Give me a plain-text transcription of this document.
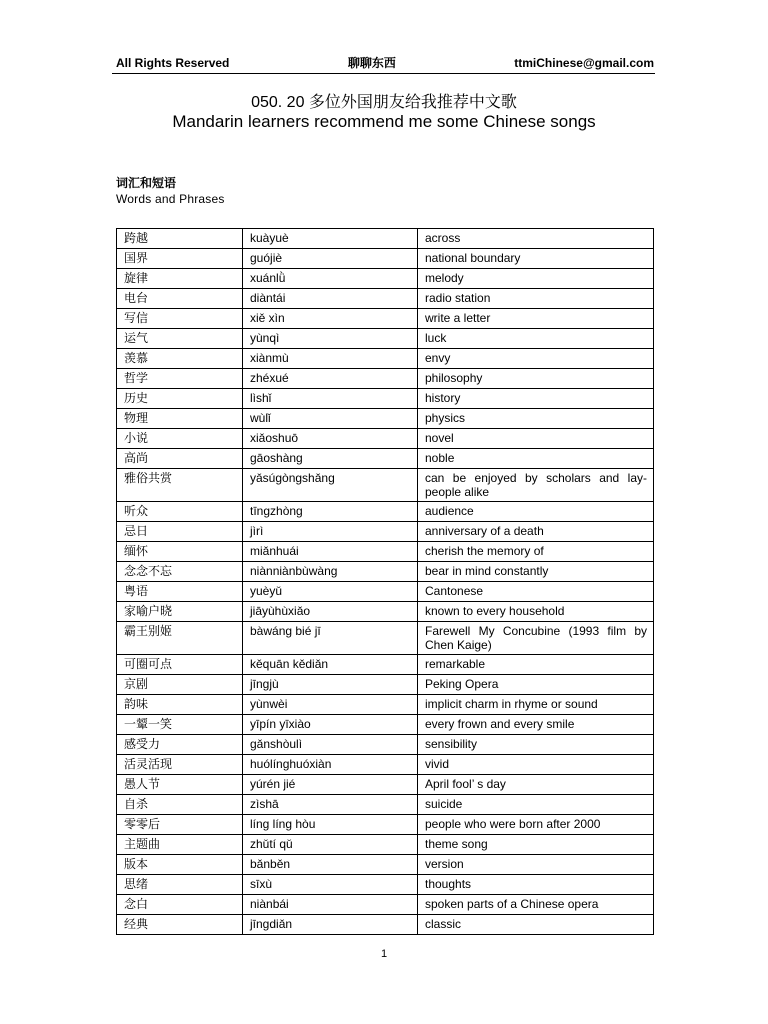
All Rights Reserved	聊聊东西	ttmiChinese@gmail.com
050. 20 多位外国朋友给我推荐中文歌
Mandarin learners recommend me some Chinese songs
词汇和短语
Words and Phrases
跨越	kuàyuè	across
国界	guójiè	national boundary
旋律	xuánlǜ	melody
电台	diàntái	radio station
写信	xiě xìn	write a letter
运气	yùnqì	luck
羡慕	xiànmù	envy
哲学	zhéxué	philosophy
历史	lìshǐ	history
物理	wùlǐ	physics
小说	xiǎoshuō	novel
高尚	gāoshàng	noble
雅俗共赏	yǎsúgòngshǎng	can be enjoyed by scholars and lay-people alike
听众	tīngzhòng	audience
忌日	jìrì	anniversary of a death
缅怀	miǎnhuái	cherish the memory of
念念不忘	niànniànbùwàng	bear in mind constantly
粤语	yuèyǔ	Cantonese
家喻户晓	jiāyùhùxiǎo	known to every household
霸王别姬	bàwáng bié jī	Farewell My Concubine (1993 film by Chen Kaige)
可圈可点	kěquān kědiǎn	remarkable
京剧	jīngjù	Peking Opera
韵味	yùnwèi	implicit charm in rhyme or sound
一颦一笑	yīpín yīxiào	every frown and every smile
感受力	gǎnshòulì	sensibility
活灵活现	huólínghuóxiàn	vivid
愚人节	yúrén jié	April fool’ s day
自杀	zìshā	suicide
零零后	líng líng hòu	people who were born after 2000
主题曲	zhǔtí qǔ	theme song
版本	bǎnběn	version
思绪	sīxù	thoughts
念白	niànbái	spoken parts of a Chinese opera
经典	jīngdiǎn	classic
1
